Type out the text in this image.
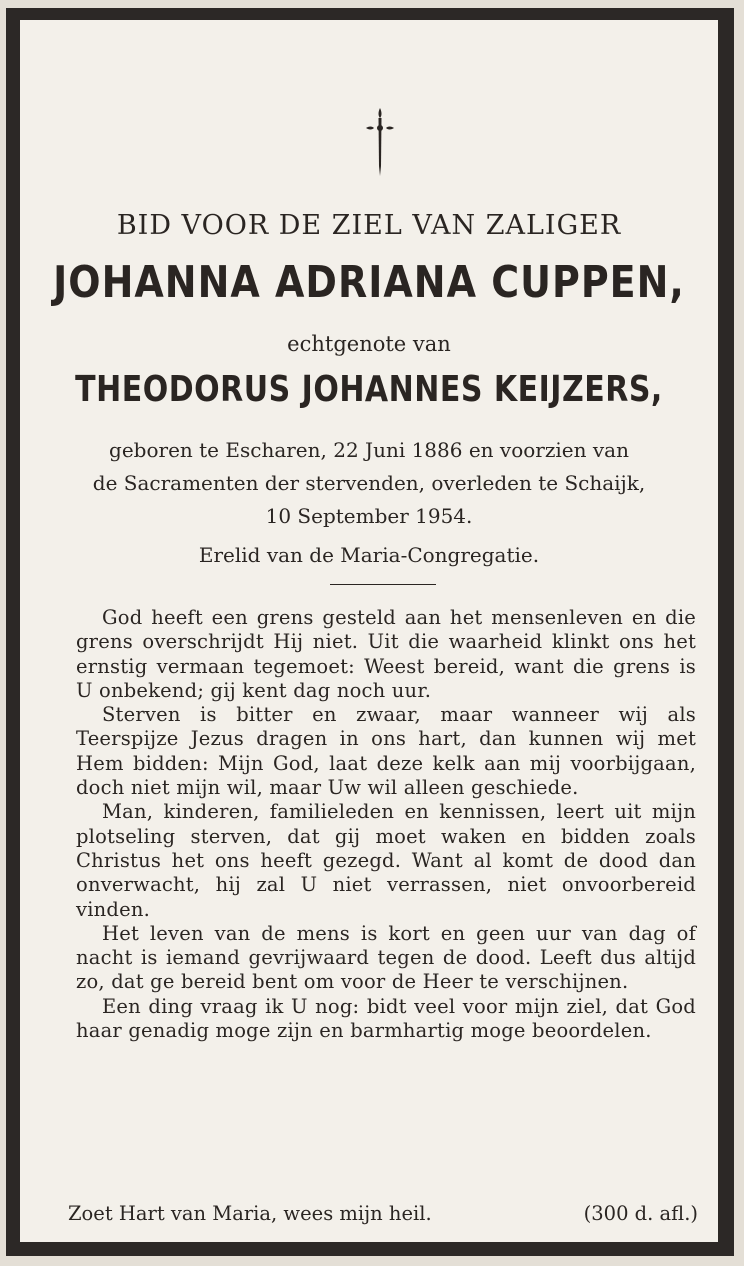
BID VOOR DE ZIEL VAN ZALIGER
JOHANNA ADRIANA CUPPEN,
echtgenote van
THEODORUS JOHANNES KEIJZERS,
geboren te Escharen, 22 Juni 1886 en voorzien van
de Sacramenten der stervenden, overleden te Schaijk,
10 September 1954.
Erelid van de Maria-Congregatie.

God heeft een grens gesteld aan het mensenleven en die grens overschrijdt Hij niet. Uit die waarheid klinkt ons het ernstig vermaan tegemoet: Weest bereid, want die grens is U onbekend; gij kent dag noch uur.

Sterven is bitter en zwaar, maar wanneer wij als Teerspijze Jezus dragen in ons hart, dan kunnen wij met Hem bidden: Mijn God, laat deze kelk aan mij voorbijgaan, doch niet mijn wil, maar Uw wil alleen geschiede.

Man, kinderen, familieleden en kennissen, leert uit mijn plotseling sterven, dat gij moet waken en bidden zoals Christus het ons heeft gezegd. Want al komt de dood dan onverwacht, hij zal U niet verrassen, niet onvoorbereid vinden.

Het leven van de mens is kort en geen uur van dag of nacht is iemand gevrijwaard tegen de dood. Leeft dus altijd zo, dat ge bereid bent om voor de Heer te verschijnen.

Een ding vraag ik U nog: bidt veel voor mijn ziel, dat God haar genadig moge zijn en barmhartig moge beoordelen.

Zoet Hart van Maria, wees mijn heil.	(300 d. afl.)
